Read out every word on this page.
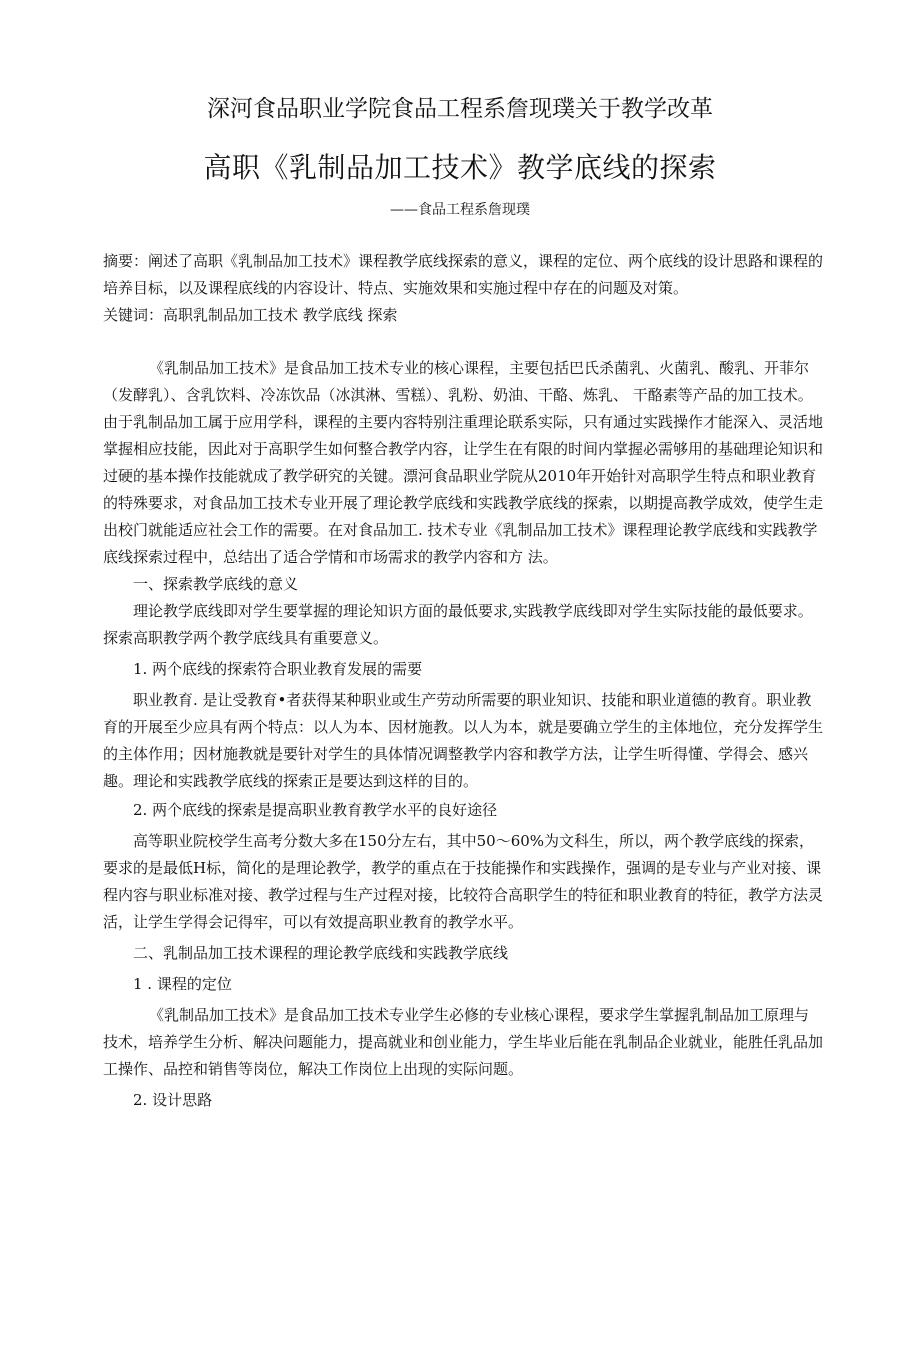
深河食品职业学院食品工程系詹现璞关于教学改革
高职《乳制品加工技术》教学底线的探索
——食品工程系詹现璞

摘要：阐述了高职《乳制品加工技术》课程教学底线探索的意义，课程的定位、两个底线的设计思路和课程的培养目标，以及课程底线的内容设计、特点、实施效果和实施过程中存在的问题及对策。

关键词：高职乳制品加工技术 教学底线 探索

《乳制品加工技术》是食品加工技术专业的核心课程，主要包括巴氏杀菌乳、火菌乳、酸乳、开菲尔（发酵乳）、含乳饮料、冷冻饮品（冰淇淋、雪糕）、乳粉、奶油、干酪、炼乳、 干酪素等产品的加工技术。由于乳制品加工属于应用学科，课程的主要内容特别注重理论联系实际，只有通过实践操作才能深入、灵活地掌握相应技能，因此对于高职学生如何整合教学内容，让学生在有限的时间内掌握必需够用的基础理论知识和过硬的基本操作技能就成了教学研究的关键。漂河食品职业学院从2010年开始针对高职学生特点和职业教育的特殊要求，对食品加工技术专业开展了理论教学底线和实践教学底线的探索，以期提高教学成效，使学生走出校门就能适应社会工作的需要。在对食品加工. 技术专业《乳制品加工技术》课程理论教学底线和实践教学底线探索过程中，总结出了适合学情和市场需求的教学内容和方 法。

一、探索教学底线的意义

理论教学底线即对学生要掌握的理论知识方面的最低要求,实践教学底线即对学生实际技能的最低要求。探索高职教学两个教学底线具有重要意义。

1. 两个底线的探索符合职业教育发展的需要

职业教育. 是让受教育•者获得某种职业或生产劳动所需要的职业知识、技能和职业道德的教育。职业教育的开展至少应具有两个特点：以人为本、因材施教。以人为本，就是要确立学生的主体地位，充分发挥学生的主体作用；因材施教就是要针对学生的具体情况调整教学内容和教学方法，让学生听得懂、学得会、感兴趣。理论和实践教学底线的探索正是要达到这样的目的。

2. 两个底线的探索是提高职业教育教学水平的良好途径

高等职业院校学生高考分数大多在150分左右，其中50〜60%为文科生，所以，两个教学底线的探索，要求的是最低H标，简化的是理论教学，教学的重点在于技能操作和实践操作，强调的是专业与产业对接、课程内容与职业标准对接、教学过程与生产过程对接，比较符合高职学生的特征和职业教育的特征，教学方法灵活，让学生学得会记得牢，可以有效提高职业教育的教学水平。

二、乳制品加工技术课程的理论教学底线和实践教学底线

1 . 课程的定位

《乳制品加工技术》是食品加工技术专业学生必修的专业核心课程，要求学生掌握乳制品加工原理与技术，培养学生分析、解决问题能力，提高就业和创业能力，学生毕业后能在乳制品企业就业，能胜任乳品加工操作、品控和销售等岗位，解决工作岗位上出现的实际问题。

2. 设计思路
